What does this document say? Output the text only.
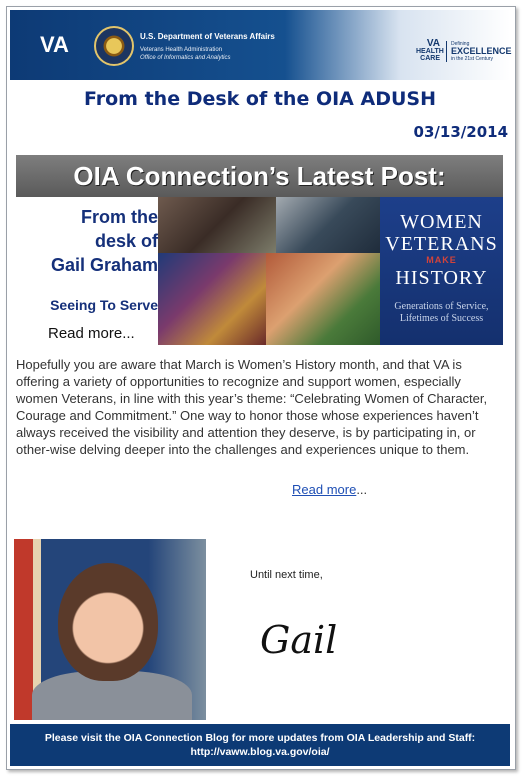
VA	U.S. Department of Veterans Affairs
Veterans Health Administration
Office of Informatics and Analytics
VA
HEALTH
CARE
Defining
EXCELLENCE
in the 21st Century
From the Desk of the OIA ADUSH
03/13/2014
OIA Connection’s Latest Post:
From the
desk of
Gail Graham
Seeing To Serve
Read more...
WOMEN
VETERANS
MAKE
HISTORY
Generations of Service,
Lifetimes of Success
Hopefully you are aware that March is Women’s History month, and that VA is offering a variety of opportunities to recognize and support women, especially women Veterans, in line with this year’s theme: “Celebrating Women of Character, Courage and Commitment.” One way to honor those whose experiences haven’t always received the visibility and attention they deserve, is by participating in, or other-wise delving deeper into the challenges and experiences unique to them.
Read more...
Until next time,
Gail
Please visit the OIA Connection Blog for more updates from OIA Leadership and Staff:
http://vaww.blog.va.gov/oia/
